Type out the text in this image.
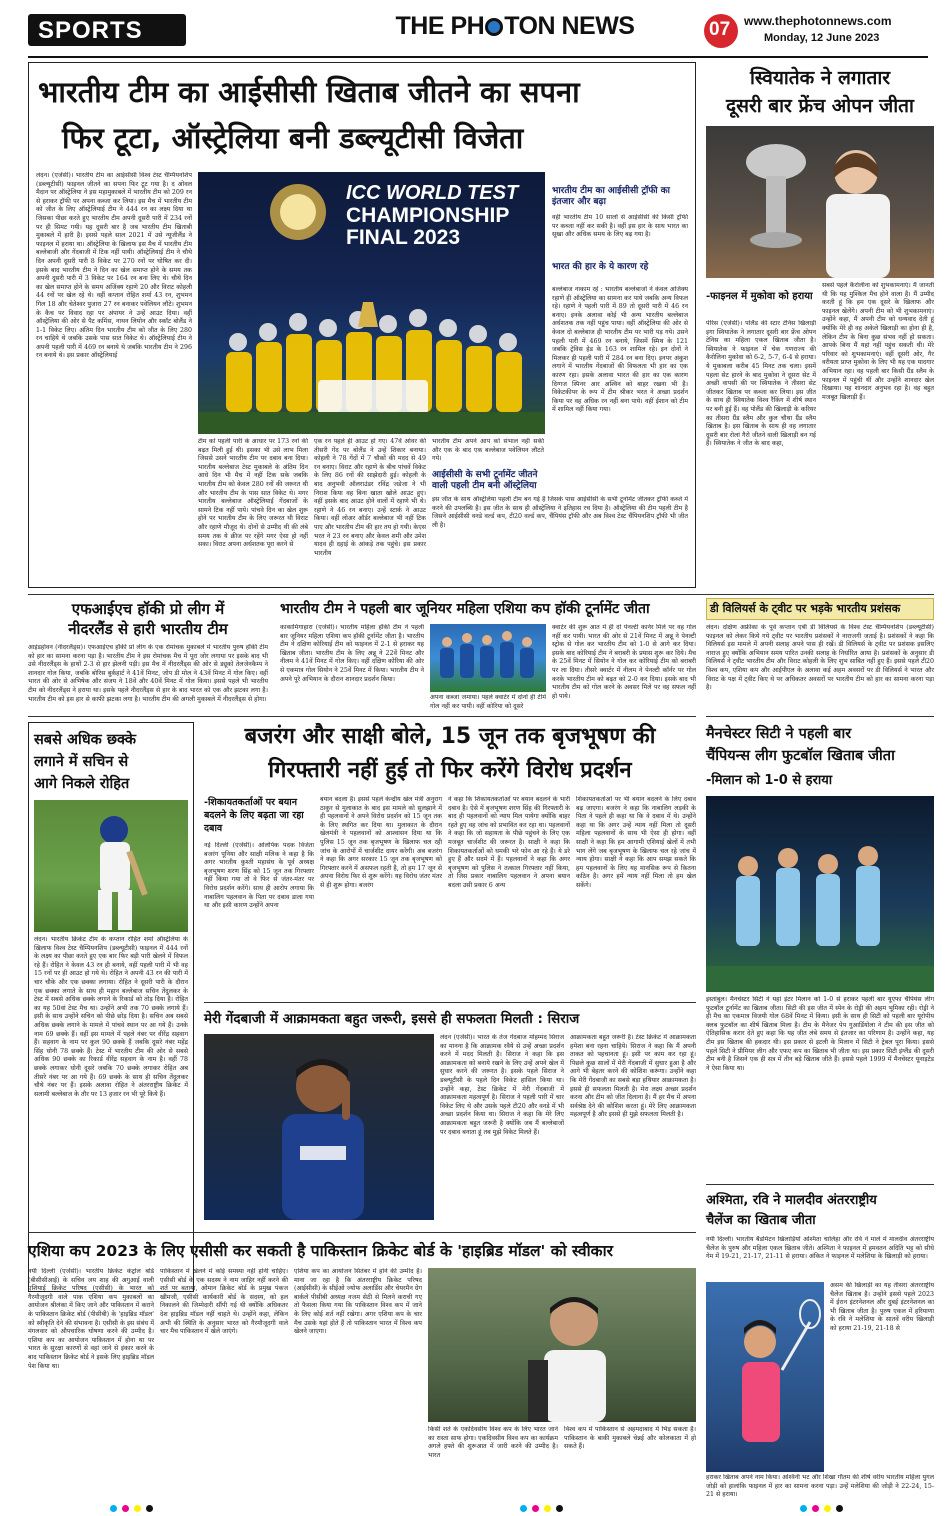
SPORTS	THE PH TON NEWS	07 www.thephotonnews.com
Monday, 12 June 2023
भारतीय टीम का आईसीसी खिताब जीतने का सपना
फिर टूटा, ऑस्ट्रेलिया बनी डब्ल्यूटीसी विजेता
लंदन। (एजेंसी)। भारतीय टीम का आईसीसी विश्व टेस्ट चैम्पियनशिप (डब्ल्यूटीसी) फाइनल जीतने का सपना फिर टूट गया है। द ओवल मैदान पर ऑस्ट्रेलिया ने इस महामुकाबले में भारतीय टीम को 209 रन से हराकर ट्रॉफी पर अपना कब्जा कर लिया। इस मैच में भारतीय टीम को जीत के लिए ऑस्ट्रेलियाई टीम ने 444 रन का लक्ष्य दिया था जिसका पीछा करते हुए भारतीय टीम अपनी दूसरी पारी में 234 रनों पर ही सिमट गयी। यह दूसरी बार है जब भारतीय टीम खिताबी मुकाबले में हारी है। इससे पहले साल 2021 में उसे न्यूजीलैंड ने फाइनल में हराया था। ऑस्ट्रेलिया के खिलाफ इस मैच में भारतीय टीम बल्लेबाजी और गेंदबाजी में टिक नहीं पायी। ऑस्ट्रेलियाई टीम ने चौथे दिन अपनी दूसरी पारी 8 विकेट पर 270 रनों पर घोषित कर दी। इसके बाद भारतीय टीम ने दिन का खेल समाप्त होने के समय तक अपनी दूसरी पारी में 3 विकेट पर 164 रन बना लिए थे। चौथे दिन का खेल समाप्त होने के समय अजिंक्य रहाणे 20 और विराट कोहली 44 रनों पर खेल रहे थे। वहीं कप्तान रोहित शर्मा 43 रन, शुभमन गिल 18 और चेतेश्वर पुजारा 27 रन बनाकर पवेलियन लौटे। शुभमन के कैच पर विवाद रहा पर अंपायर ने उन्हें आउट दिया। वहीं ऑस्ट्रेलिया की ओर से पैट कमिंस, नाथन लियोन और स्कॉट बोलैंड ने 1-1 विकेट लिए। अंतिम दिन भारतीय टीम को जीत के लिए 280 रन चाहिये थे जबकि उसके पास सात विकेट थे। ऑस्ट्रेलियाई टीम ने अपनी पहली पारी में 469 रन बनाये थे जबकि भारतीय टीम ने 296 रन बनाये थे। इस प्रकार ऑस्ट्रेलियाई
ICC WORLD TEST
CHAMPIONSHIP
FINAL 2023
टीम को पहली पारी के आधार पर 173 रनों की बढ़त मिली हुई थी। इसका भी उसे लाभ मिला जिससे उसने भारतीय टीम पर दबाव बना दिया। भारतीय बल्लेबाज टेस्ट मुकाबले के अंतिम दिन आधे दिन भी मैच में नहीं टिक सके जबकि भारतीय टीम को केवल 280 रनों की जरूरत थी और भारतीय टीम के पास सात विकेट थे। मगर भारतीय बल्लेबाज ऑस्ट्रेलियाई गेंदबाजों के सामने टिक नहीं पाये। पांचवे दिन का खेल शुरू होने पर भारतीय टीम के लिए जरूरत थी विराट और रहाणे मौजूद थे। दोनों से उम्मीद थी की लंबे समय तक ये क्रीज पर रहेंगे मगर ऐसा हो नहीं सका। विराट अपना अर्धशतक पूरा करने से
एक रन पहले ही आउट हो गए। 47वें ओवर की तीसरी गेंद पर बोलैंड ने उन्हें शिकार बनाया। कोहली ने 78 गेंदों में 7 चौकों की मदद से 49 रन बनाए। विराट और रहाणे के बीच पांचवें विकेट के लिए 86 रनों की साझेदारी हुई। कोहली के बाद अनुभवी ऑलराउंडर रविंद्र जडेजा ने भी निराश किया वह बिना खाता खोले आउट हुए। वहीं इसके बाद आउट होने वालों में रहाणे भी थे। रहाणे ने 46 रन बनाए। उन्हें स्टार्क ने आउट किया। वहीं लोअर ऑर्डर बल्लेबाज भी नहीं टिक पाए और भारतीय टीम की हार तय हो गयी। केएस भरत ने 23 रन बनाए और केवल शमी और उमेश यादव ही दहाई के आंकड़े तक पहुंचे। इस प्रकार भारतीय
भारतीय टीम अपने आप को संभाल नहीं सकी और एक के बाद एक बल्लेबाज पवेलियन लौटते गये।
भारतीय टीम का आईसीसी ट्रॉफी का इंतजार और बढ़ा
वहीं भारतीय टीम 10 सालों से आईसीसी की किसी ट्रॉफी पर कब्जा नहीं कर सकी है। वहीं इस हार के साथ भारत का सूखा और अधिक समय के लिए बढ़ गया है।
भारत की हार के ये कारण रहे
बल्लेबाज नाकाम रहे : भारतीय बल्लेबाजों ने केवल अजिंक्य रहाणे ही ऑस्ट्रेलिया का सामना कर पाये जबकि अन्य विफल रहे। रहाणे ने पहली पारी में 89 तो दूसरी पारी में 46 रन बनाए। इनके अलावा कोई भी अन्य भारतीय बल्लेबाज अर्धशतक तक नहीं पहुंच पाया। वहीं ऑस्ट्रेलिया की ओर से केवल दो बल्लेबाज ही भारतीय टीम पर भारी पड़ गये। उसने पहली पारी में 469 रन बनाये, जिसमें स्मिथ के 121 जबकि ट्रेविस हेड के 163 रन शामिल रहे। इन दोनों ने मिलकर ही पहली पारी में 284 रन बना दिए। इनपर अंकुश लगाने में भारतीय गेंदबाजों की विफलता भी हार का एक कारण रहा। इसके अलावा भारत की हार का एक कारण दिग्गज स्पिनर आर अश्विन को बाहर रखना भी है। विकेटकीपर के रूप में टीम श्रीकर भरत ने अच्छा प्रदर्शन किया पर वह अधिक रन नहीं बना पाये। वहीं ईशान को टीम में शामिल नहीं किया गया।
आईसीसी के सभी टूर्नामेंट जीतने वाली पहली टीम बनी ऑस्ट्रेलिया
इस जीत के साथ ऑस्ट्रेलिया पहली टीम बन गई है जिसके पास आईसीसी के सभी टूर्नामेंट जीतकर ट्रॉफी कब्जे में करने की उपलब्धि है। इस जीत के साथ ही ऑस्ट्रेलिया ने इतिहास रच दिया है। ऑस्ट्रेलिया की टीम पहली टीम है जिसने आईसीसी वनडे वर्ल्ड कप, टी20 वर्ल्ड कप, चैंपियंस ट्रॉफी और अब विश्व टेस्ट चैंपियनशिप ट्रॉफी भी जीत ली है।
स्वियातेक ने लगातार
दूसरी बार फ्रेंच ओपन जीता
-फाइनल में मुकोवा को हराया
पेरिस (एजेंसी)। पोलैंड की स्टार टेनिस खिलाड़ी इगा स्वियातेक ने लगातार दूसरी बार फ्रेंच ओपन टेनिस का महिला एकल खिताब जीता है। स्वियातेक ने फाइनल में चेक गणराज्य की कैरोलिना मुकोवा को 6-2, 5-7, 6-4 से हराया। ये मुकाबला करीब 45 मिनट तक चला। इसमें पहला सेट हारने के बाद मुकोवा ने दूसरा सेट में अच्छी वापसी की पर स्वियातेक ने तीसरा सेट जीतकर खिताब पर कब्जा कर लिया। इस जीत के साथ ही स्वियातेक विश्व रैंकिंग में शीर्ष स्थान पर बनी हुई हैं। वह पोलैंड की खिलाड़ी के करियर का तीसरा ग्रैंड स्लैम और कुल चौथा ग्रैंड स्लैम खिताब है। इस खिताब के साथ ही वह लगातार दूसरी बार रोलां गैरो जीतने वाली खिलाड़ी बन गई हैं। स्वियातेक ने जीत के बाद कहा,
सबसे पहले कैरोलीना को शुभकामनाएं। मैं जानती थी कि यह मुश्किल मैच होने वाला है। मैं उम्मीद करती हूं कि हम एक दूसरे के खिलाफ और फाइनल खेलेंगे। अपनी टीम को भी शुभकामनाएं। उन्होंने कहा, मैं अपनी टीम को धन्यवाद देती हूं क्योंकि मेरे ही वह अकेले खिलाड़ी का होना ही है, लेकिन टीम के बिना कुछ संभव नहीं हो सकता। आपके बिना मैं यहां नहीं पहुंच सकती थी। मेरे परिवार को शुभकामनाएं। वहीं दूसरी ओर, गैर वरीयता प्राप्त मुकोवा के लिए भी यह एक यादगार अभियान रहा। वह पहली बार किसी ग्रैंड स्लैम के फाइनल में पहुंची थीं और उन्होंने शानदार खेल दिखाया। यह शानदार अनुभव रहा है। वह बहुत मजबूत खिलाड़ी हैं।
एफआईएच हॉकी प्रो लीग में
नीदरलैंड से हारी भारतीय टीम
आइंडहोवन (नीदरलैंड्स)। एफआईएच हॉकी प्रो लीग के एक रोमांचक मुकाबले में भारतीय पुरुष हॉकी टीम को हार का सामना करना पड़ा है। भारतीय टीम ने इस रोमांचक मैच में पूरा जोर लगाया पर इसके बाद भी उसे नीदरलैंड्स के हाथों 2-3 से हार झेलनी पड़ी। इस मैच में नीदरलैंड्स की ओर से ड्यूको तेलजेनकैम्प ने शानदार गोल किया, जबकि बोरिस बुर्कहार्ट ने 41वें मिनट, जोप डी मोल ने 43वें मिनट में गोल किए। वहीं भारत की ओर से अभिषेक और संजय ने 18वें और 40वें मिनट में गोल किया। इससे पहले भी भारतीय टीम को नीदरलैंड्स ने हराया था। इसके पहले नीदरलैंड्स से हार के बाद भारत को एक और झटका लगा है। भारतीय टीम को इस हार से काफी झटका लगा है। भारतीय टीम की अगली मुकाबले में नीदरलैंड्स से होगा।
भारतीय टीम ने पहली बार जूनियर महिला एशिया कप हॉकी टूर्नामेंट जीता
काकामिगाहारा (एजेंसी)। भारतीय महिला हॉकी टीम ने पहली बार जूनियर महिला एशिया कप हॉकी टूर्नामेंट जीता है। भारतीय टीम ने दक्षिण कोरियाई टीम को फाइनल में 2-1 से हराकर यह खिताब जीता। भारतीय टीम के लिए अन्नू ने 22वें मिनट और नीलम ने 41वें मिनट में गोल किए। वहीं दक्षिण कोरिया की ओर से एकमात्र गोल सियोन ने 25वें मिनट में किया। भारतीय टीम ने अपने पूरे अभियान के दौरान शानदार प्रदर्शन किया।
अपना कब्जा जमाया। पहले क्वार्टर में दोनों ही टीमें गोल नहीं कर पायी। वहीं कोरिया को दूसरे
क्वार्टर की शुरू आत में ही दो पेनल्टी कार्नर मिले पर वह गोल नहीं कर पायी। भारत की ओर से 21वें मिनट में अन्नू ने पेनल्टी स्ट्रोक से गोल कर भारतीय टीम को 1-0 से आगे कर दिया। इसके बाद कोरियाई टीम ने बराबरी के प्रयास शुरू कर दिये। मैच के 25वें मिनट में सियोन ने गोल कर कोरियाई टीम को बराबरी पर ला दिया। तीसरे क्वार्टर में नीलम ने पेनल्टी कॉर्नर पर गोल करके भारतीय टीम को बढ़त को 2-0 कर दिया। इसके बाद भी भारतीय टीम को गोल करने के अवसर मिले पर वह सफल नहीं हो पाये।
डी विलियर्स के ट्वीट पर भड़के भारतीय प्रशंसक
लंदन। दक्षिण अफ्रीका के पूर्व कप्तान एबी डी विलियर्स के विश्व टेस्ट चैम्पियनशिप (डब्ल्यूटीसी) फाइनल को लेकर किये गये ट्वीट पर भारतीय प्रशंसकों ने नाराजगी जताई है। प्रशंसकों ने कहा कि विलियर्स इस मामले में अपनी सलाह अपने पास ही रखें। डी विलियर्स के ट्वीट पर प्रशंसक इसलिए नाराज हुए क्योंकि अभियान समय पारित उनकी सलाह के निर्धारित आया है। प्रशंसकों के अनुसार डी विलियर्स ने ट्वीट भारतीय टीम और विराट कोहली के लिए शुभ साबित नहीं हुए हैं। इससे पहले टी20 विश्व कप, एशिया कप और आईपीएल के अलावा कई अहम अवसरों पर डी विलियर्स ने भारत और विराट के पक्ष में ट्वीट किए थे पर अधिकतर अवसरों पर भारतीय टीम को हार का सामना करना पड़ा है।
सबसे अधिक छक्के
लगाने में सचिन से
आगे निकले रोहित
लंदन। भारतीय क्रिकेट टीम के कप्तान रोहित शर्मा ऑस्ट्रेलिया के खिलाफ विश्व टेस्ट चैम्पियनशिप (डब्ल्यूटीसी) फाइनल में 444 रनों के लक्ष्य का पीछा करते हुए एक बार फिर बड़ी पारी खेलने में विफल रहे हैं। रोहित ने केवल 43 रन ही बनाये, वहीं पहली पारी में भी वह 15 रनों पर ही आउट हो गये थे। रोहित ने अपनी 43 रन की पारी में चार चौके और एक छक्का लगाया। रोहित ने दूसरी पारी के दौरान एक छक्का लगाते के साथ ही महान बल्लेबाज सचिन तेंदुलकर के टेस्ट में सबसे अधिक छक्के लगाने के रिकार्ड को तोड़ दिया है। रोहित का यह 50वां टेस्ट मैच था। उन्होंने अभी तक 70 छक्के लगाये हैं। इसी के साथ उन्होंने सचिन को पीछे छोड़ दिया है। सचिन अब सबसे अधिक छक्के लगाने के मामले में पांचवे स्थान पर आ गये हैं। उनके नाम 69 छक्के हैं। वहीं इस मामले में पहले नंबर पर वीरेंद्र सहवाग हैं। सहवाग के नाम पर कुल 90 छक्के हैं जबकि दूसरे नंबर महेंद्र सिंह धोनी 78 छक्के हैं। टेस्ट में भारतीय टीम की ओर से सबसे अधिक 90 छक्के का रिकार्ड वीरेंद्र सहवाग के नाम है। वहीं 78 छक्के लगाकर धोनी दूसरे जबकि 70 छक्के लगाकर रोहित अब तीसरे नंबर पर आ गये हैं। 69 छक्के के साथ ही सचिन तेंदुलकर चौथे नंबर पर हैं। इसके अलावा रोहित ने अंतरराष्ट्रीय क्रिकेट में सलामी बल्लेबाज के तौर पर 13 हजार रन भी पूरे किये हैं।
बजरंग और साक्षी बोले, 15 जून तक बृजभूषण की
गिरफ्तारी नहीं हुई तो फिर करेंगे विरोध प्रदर्शन
-शिकायतकर्ताओं पर बयान बदलने के लिए बढ़ता जा रहा दबाव
नई दिल्ली (एजेंसी)। ओलंपिक पदक विजेता बजरंग पूनिया और साक्षी मलिक ने कहा है कि अगर भारतीय कुश्ती महासंघ के पूर्व अध्यक्ष बृजभूषण शरण सिंह को 15 जून तक गिरफ्तार नहीं किया गया तो वे फिर से जंतर-मंतर पर विरोध प्रदर्शन करेंगे। साथ ही आरोप लगाया कि नाबालिग पहलवान के पिता पर दबाव डाला गया था और इसी कारण उन्होंने अपना
बयान बदला है। इससे पहले केन्द्रीय खेल मंत्री अनुराग ठाकुर से मुलाकात के बाद इस मामले को सुलझाने में ही पहलवानों ने अपने विरोध प्रदर्शन को 15 जून तक के लिए स्थगित कर दिया था। मुलाकात के दौरान खेलमंत्री ने पहलवानों को आश्वासन दिया था कि पुलिस 15 जून तक बृजभूषण के खिलाफ चल रही जांच के आरोपों में चार्जशीट दायर करेगी। अब बजरंग ने कहा कि अगर सरकार 15 जून तक बृजभूषण को गिरफ्तार करने में असफल रहती है, तो हम 17 जून से अपना विरोध फिर से शुरू करेंगे। यह विरोध जंतर मंतर से ही शुरू होगा। बजरंग
ने कहा कि शिकायतकर्ताओं पर बयान बदलने के भारी दबाव है। ऐसे में बृजभूषण शरण सिंह की गिरफ्तारी के बाद ही पहलवानों को न्याय मिल पायेगा क्योंकि बाहर रहते हुए वह जांच को प्रभावित कर रहा था। पहलवानों ने कहा कि जो सहायता के पीछे पहुंचने के लिए एक मजबूत चार्जशीट की जरूरत है। साक्षी ने कहा कि शिकायतकर्ताओं को धमकी भरे फोन आ रहे हैं। ये डरे हुए हैं और सदमे में हैं। पहलवानों ने कहा कि अगर बृजभूषण को पुलिस ने तत्काल गिरफ्तार नहीं किया, तो जिस प्रकार नाबालिग पहलवान ने अपना बयान बदला उसी प्रकार 6 अन्य
शिकायतकर्ताओं पर भी बयान बदलने के लिए दबाव बढ़ जाएगा। बजरंग ने कहा कि नाबालिग लड़की के पिता ने पहले ही कहा था कि वे दबाव में थे। उन्होंने कहा था कि अगर उन्हें न्याय नहीं मिला तो दूसरी महिला पहलवानों के साथ भी ऐसा ही होगा। वहीं साक्षी ने कहा कि हम आगामी एशियाई खेलों में तभी भाग लेंगे जब बृजभूषण के खिलाफ चल रहे जांच में न्याय होगा। साक्षी ने कहा कि आप समझ सकते कि हम पहलवानों के लिए यह मानसिक रूप से कितना कठिन है। अगर हमें न्याय नहीं मिला तो हम खेल सकेंगे।
मेरी गेंदबाजी में आक्रामकता बहुत जरूरी, इससे ही सफलता मिलती : सिराज
लंदन (एजेंसी)। भारत के तेज गेंदबाज मोहम्मद सिराज का मानना है कि आक्रामक रवैये से उन्हें अच्छा प्रदर्शन करने में मदद मिलती है। सिराज ने कहा कि इस आक्रामकता को बनाये रखने के लिए उन्हें अपने खेल में सुधार करने की जरूरत है। इसके पहले सिराज ने डब्ल्यूटीसी के पहले दिन विकेट हासिल किया था। उन्होंने कहा, टेस्ट क्रिकेट में मेरी गेंदबाजी में आक्रामकता महत्वपूर्ण है। सिराज ने पहली पारी में चार विकेट लिए थे और उसके पहले टी20 और वनडे में भी अच्छा प्रदर्शन किया था। सिराज ने कहा कि मेरे लिए आक्रामकता बहुत जरूरी है क्योंकि जब मैं बल्लेबाजों पर दबाव बनाता हूं तब मुझे विकेट मिलते हैं।
आक्रामकता बहुत जरूरी है। टेस्ट क्रिकेट में आक्रामकता हमेशा बना रहना चाहिये। सिराज ने कहा कि मैं अपनी ताकत को पहचानता हूं। इसी पर काम कर रहा हूं। पिछले कुछ सालों में मेरी गेंदबाजी में सुधार हुआ है और आगे भी बेहतर करने की कोशिश करूंगा। उन्होंने कहा कि मेरी गेंदबाजी का सबसे बड़ा हथियार आक्रामकता है। इससे ही सफलता मिलती है। मेरा लक्ष्य अच्छा प्रदर्शन करना और टीम को जीत दिलाना है। मैं हर मैच में अपना सर्वश्रेष्ठ देने की कोशिश करता हूं। मेरे लिए आक्रामकता महत्वपूर्ण है और इससे ही मुझे सफलता मिलती है।
मैनचेस्टर सिटी ने पहली बार
चैंपियन्स लीग फुटबॉल खिताब जीता
-मिलान को 1-0 से हराया
इस्तांबुल। मैनचेस्टर सिटी ने यहां इंटर मिलान को 1-0 से हराकर पहली बार यूएफा चैंपियंस लीग फुटबॉल टूर्नामेंट का खिताब जीता। सिटी की इस जीत में स्पेन के रोड्री की अहम भूमिका रही। रोड्री ने ही मैच का एकमात्र विजयी गोल 68वें मिनट में किया। इसी के साथ ही सिटी को पहली बार यूरोपीय क्लब फुटबॉल का शीर्ष खिताब मिला है। टीम के मैनेजर पेप गुआर्डियोला ने टीम की इस जीत को ऐतिहासिक करार देते हुए कहा कि यह जीत लंबे समय से इंतजार का परिणाम है। उन्होंने कहा, यह टीम इस खिताब की हकदार थी। इस प्रकार से इटली के मिलान में सिटी ने ट्रेबल पूरा किया। इससे पहले सिटी ने प्रीमियर लीग और एफए कप का खिताब भी जीता था। इस प्रकार सिटी इंग्लैंड की दूसरी टीम बनी है जिसने एक ही सत्र में तीन बड़े खिताब जीते हैं। इससे पहले 1999 में मैनचेस्टर यूनाइटेड ने ऐसा किया था।
अश्मिता, रवि ने मालदीव अंतरराष्ट्रीय
चैलेंज का खिताब जीता
नयी दिल्ली। भारतीय बैडमिंटन खिलाड़ियों अश्मिता चालिहा और रवि ने माले में मालदीव अंतरराष्ट्रीय चैलेंज के पुरुष और महिला एकल खिताब जीते। अश्मिता ने फाइनल में हमवतन अदिति भट्ट को सीधे गेम में 19-21, 21-17, 21-11 से हराया। अंकित ने फाइनल में मलेशिया के खिलाड़ी को हराया।
असम की खिलाड़ी का यह तीसरा अंतरराष्ट्रीय चैलेंज खिताब है। उन्होंने इससे पहले 2023 में ईरान इंटरनेशनल और दुबई इंटरनेशनल का भी खिताब जीता है। पुरुष एकल में हरियाणा के रवि ने मलेशिया के सातवें वरीय खिलाड़ी को हराया 21-19, 21-18 से
हराकर खिताब अपने नाम किया। अश्विनी भट और शिखा गौतम की शीर्ष वरीय भारतीय महिला युगल जोड़ी को हालांकि फाइनल में हार का सामना करना पड़ा। उन्हें मलेशिया की जोड़ी ने 22-24, 15-21 से हराया।
एशिया कप 2023 के लिए एसीसी कर सकती है पाकिस्तान क्रिकेट बोर्ड के 'हाइब्रिड मॉडल' को स्वीकार
नयी दिल्ली (एजेंसी)। भारतीय क्रिकेट कंट्रोल बोर्ड (बीसीसीआई) के सचिव जय शाह की अगुआई वाली एशियाई क्रिकेट परिषद (एसीसी) के भारत को गैरमौजूदगी वाले पाक एशिया कप मुकाबलों का आयोजन श्रीलंका में किए जाने और पाकिस्तान में कराने के पाकिस्तान क्रिकेट बोर्ड (पीसीबी) के 'हाइब्रिड मॉडल' को स्वीकृति देने की संभावना है। एसीसी के इस संबंध में मंगलवार को औपचारिक घोषणा करने की उम्मीद है। एशिया कप का आयोजन पाकिस्तान में होना था पर भारत के सुरक्षा कारणों से वहां जाने से इंकार करने के बाद पाकिस्तान क्रिकेट बोर्ड ने इसके लिए हाइब्रिड मॉडल पेश किया था।
पाकिस्तान में खेलने में कोई समस्या नहीं होनी चाहिए। एसीसी बोर्ड के एक सदस्य ने नाम जाहिर नहीं करने की शर्त पर बताया, ओमान क्रिकेट बोर्ड के प्रमुख पंकज खीमजी, एसीसी कार्यकारी बोर्ड के सदस्य, को हल निकालने की जिम्मेदारी सौंपी गई थी क्योंकि अधिकतर देश हाइब्रिड मॉडल नहीं चाहते थे। उन्होंने कहा, लेकिन अभी की स्थिति के अनुसार भारत को गैरमौजूदगी वाले चार मैच पाकिस्तान में खेले जाएंगे।
एशिया कप का आयोजन सितंबर में होने की उम्मीद है। माना जा रहा है कि अंतरराष्ट्रीय क्रिकेट परिषद (आईसीसी) के सीईओ ज्योफ अलार्डिस और चेयरमैन ग्रेग बार्कले पीसीबी अध्यक्ष नजम सेठी से मिलने कराची गए तो फैसला किया गया कि पाकिस्तान विश्व कप में जाने के लिए कोई शर्त नहीं रखेगा। अगर एशिया कप के चार मैच उसके यहां होते हैं तो पाकिस्तान भारत में विश्व कप खेलने जाएगा।
किसी शर्त के एकदिवसीय विश्व कप के लिए भारत जाने का रास्ता साफ होगा। एकदिवसीय विश्व कप का कार्यक्रम अगले हफ्ते की शुरूआत में जारी करने की उम्मीद है। भारत
विश्व कप में पाकिस्तान से अहमदाबाद में भिड़ सकता है। पाकिस्तान के बाकी मुकाबले चेन्नई और कोलकाता में हो सकते हैं।
